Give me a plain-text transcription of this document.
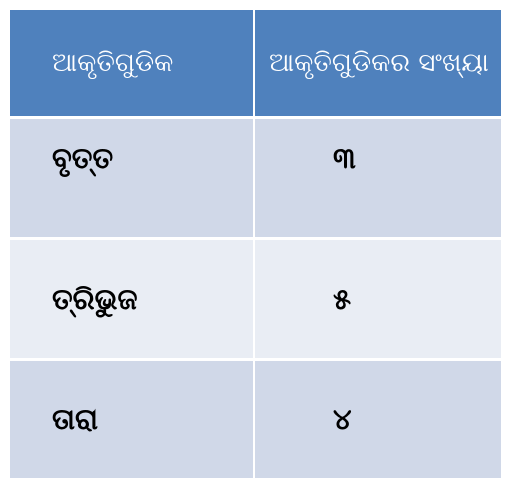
ଆକୃତିଗୁଡିକ	ଆକୃତିଗୁଡିକର ସଂଖ୍ୟା
ବୃତ୍ତ	୩
ତ୍ରିଭୁଜ	୫
ତାରା	୪
